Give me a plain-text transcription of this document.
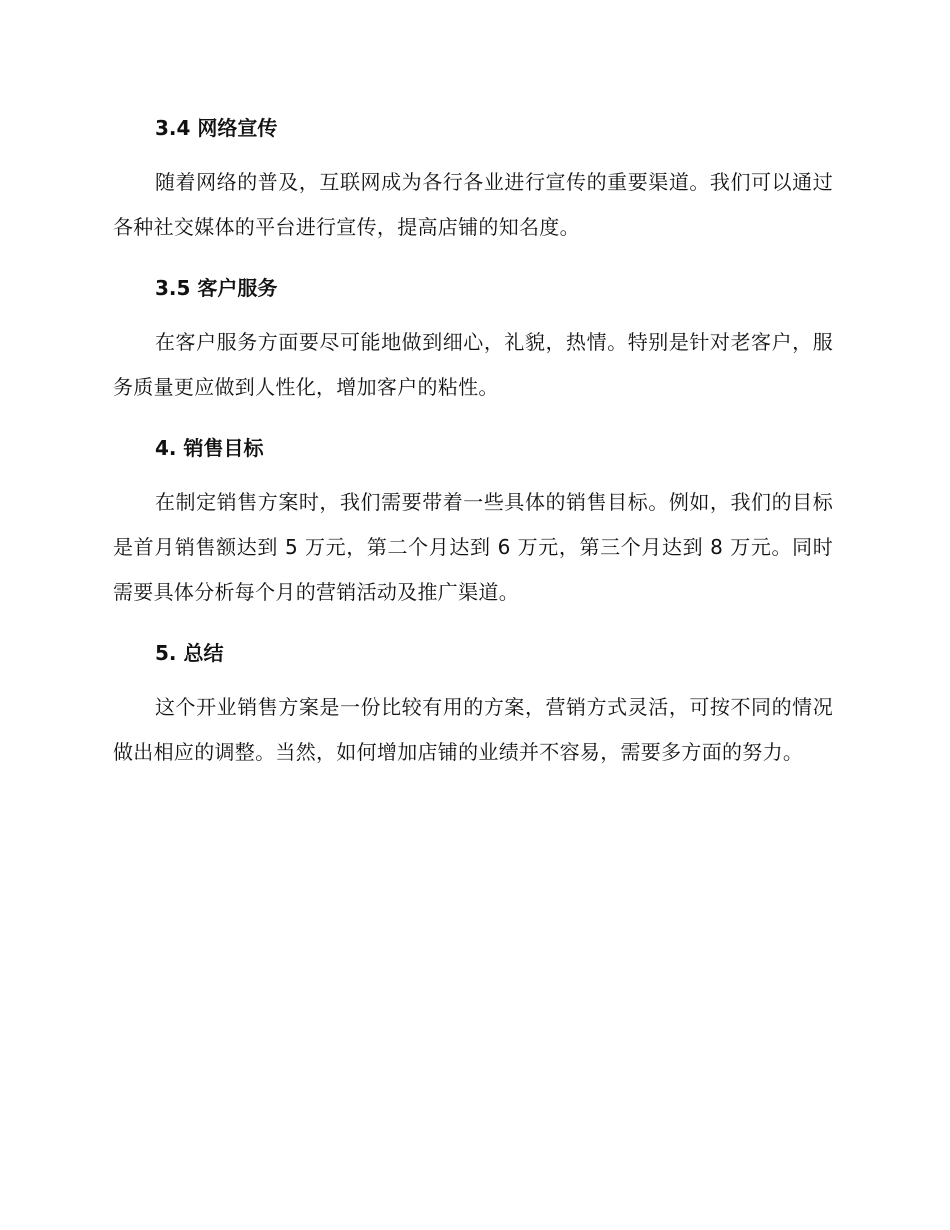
3.4 网络宣传

随着网络的普及，互联网成为各行各业进行宣传的重要渠道。我们可以通过各种社交媒体的平台进行宣传，提高店铺的知名度。

3.5 客户服务

在客户服务方面要尽可能地做到细心，礼貌，热情。特别是针对老客户，服务质量更应做到人性化，增加客户的粘性。

4. 销售目标

在制定销售方案时，我们需要带着一些具体的销售目标。例如，我们的目标是首月销售额达到 5 万元，第二个月达到 6 万元，第三个月达到 8 万元。同时需要具体分析每个月的营销活动及推广渠道。

5. 总结

这个开业销售方案是一份比较有用的方案，营销方式灵活，可按不同的情况做出相应的调整。当然，如何增加店铺的业绩并不容易，需要多方面的努力。
